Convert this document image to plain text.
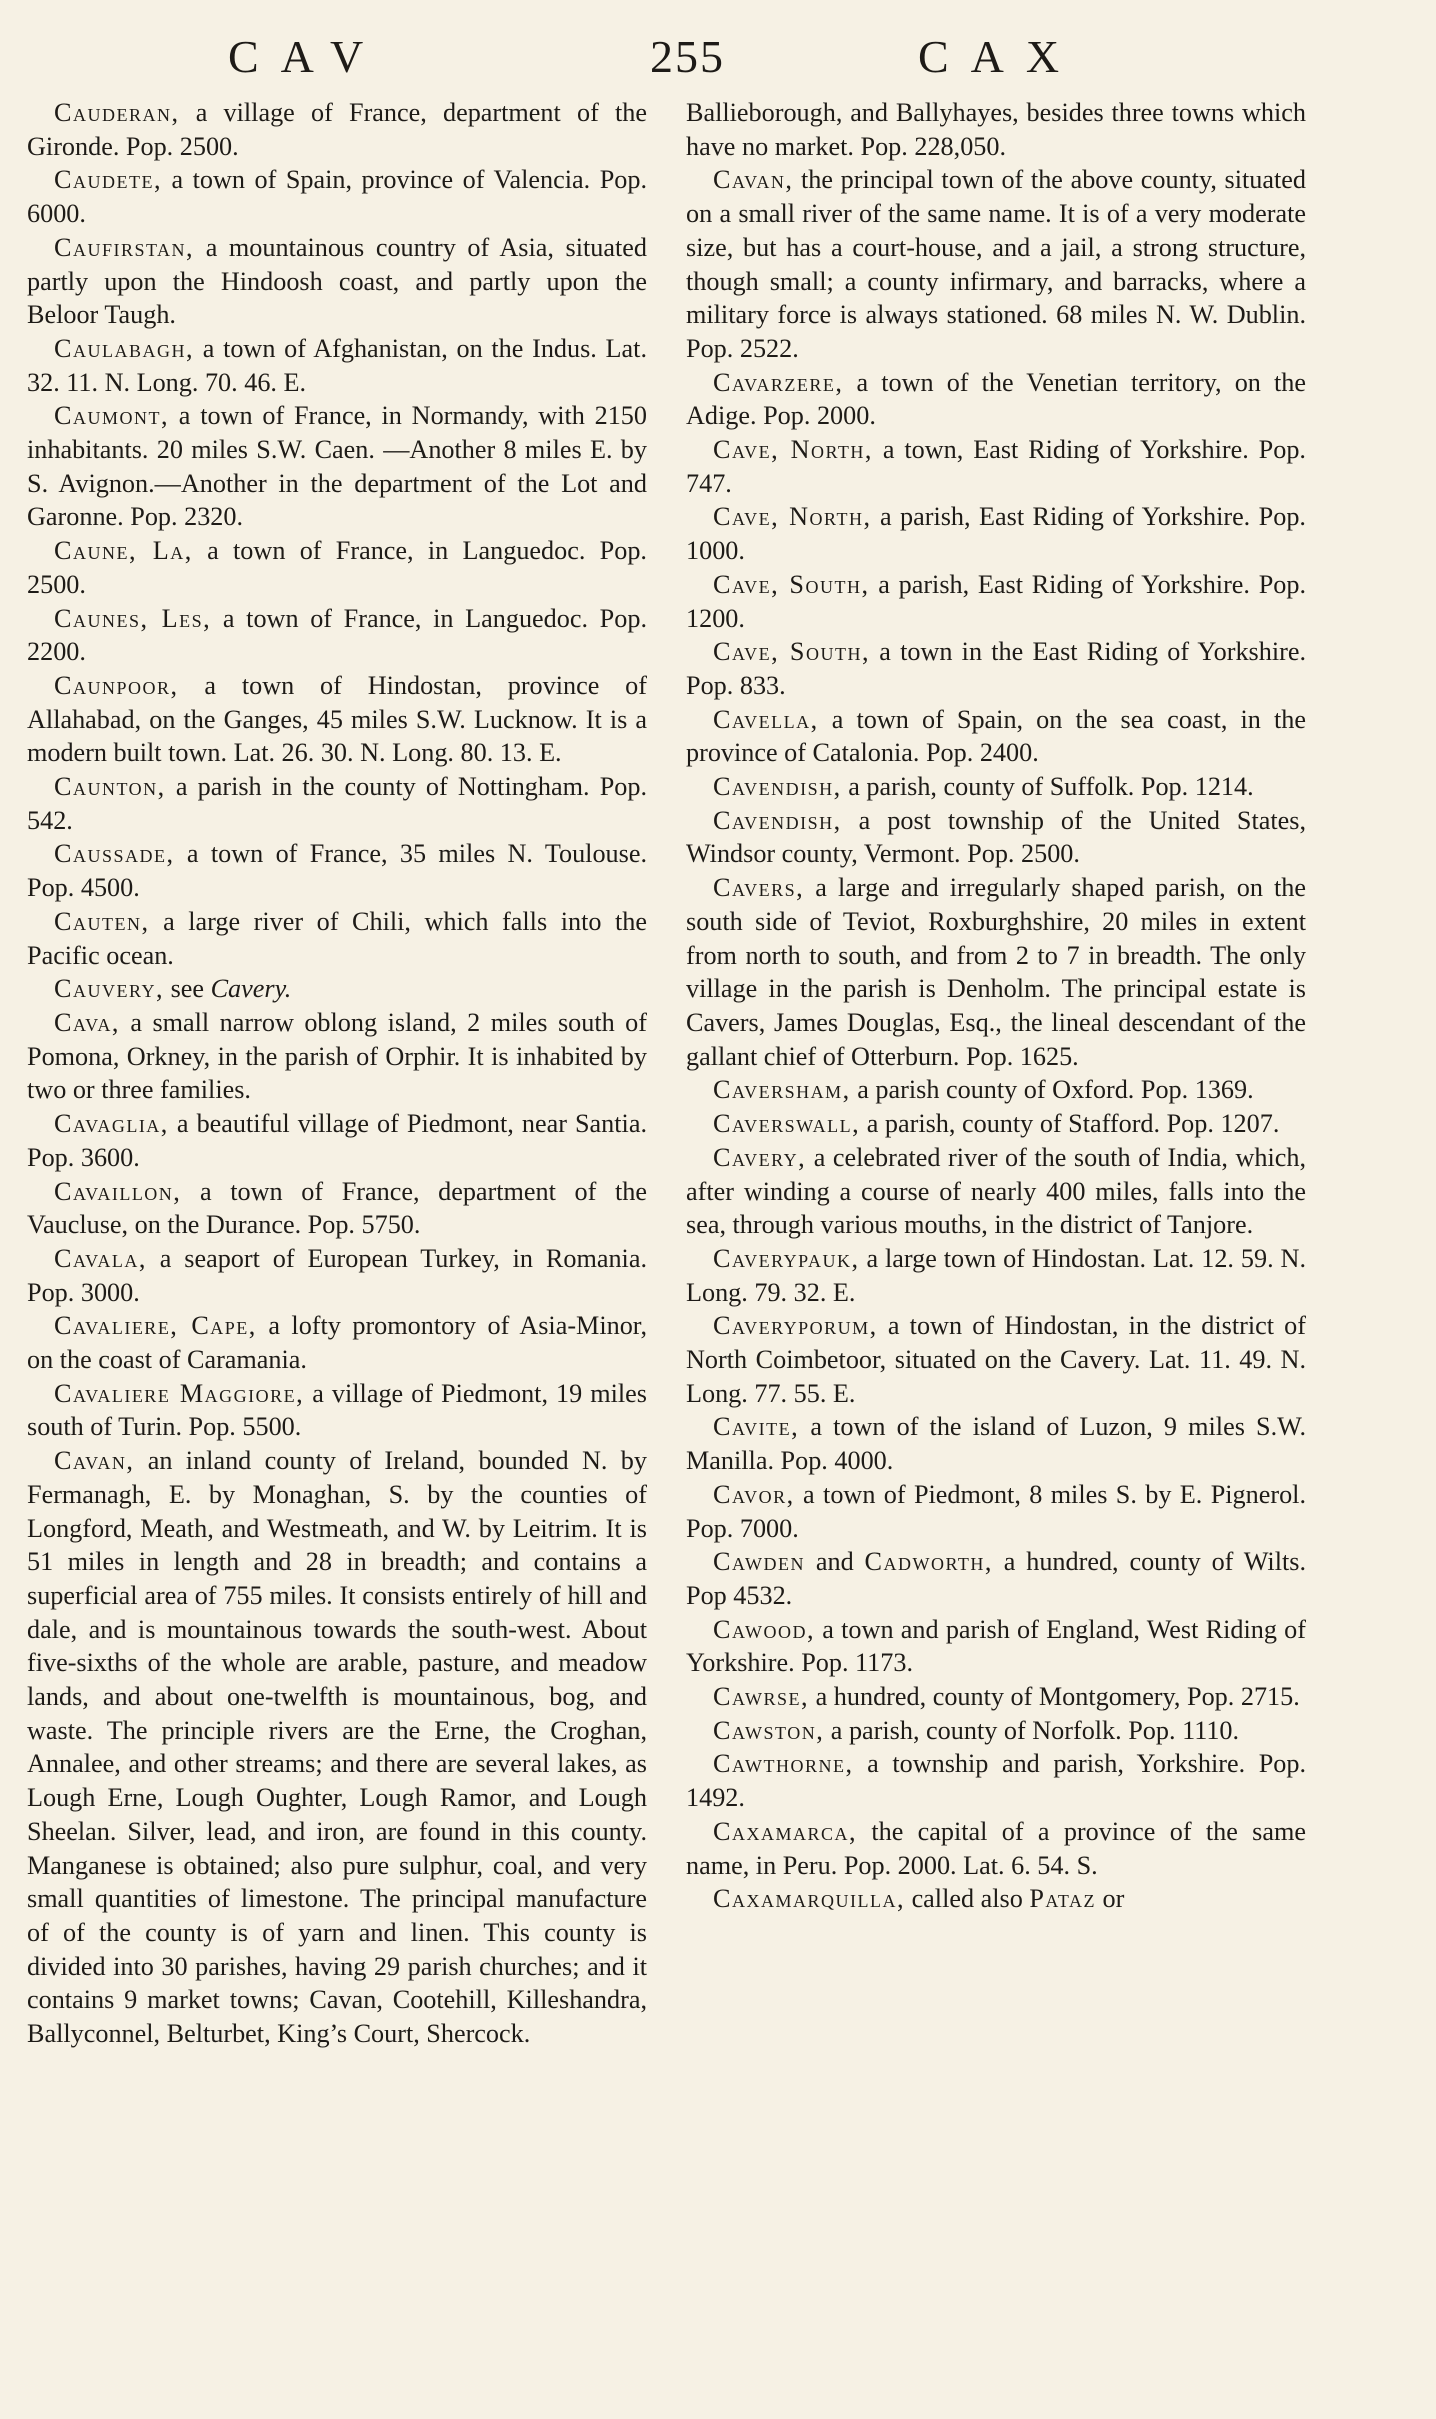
CAV	255	CAX

Cauderan, a village of France, department of the Gironde. Pop. 2500.

Caudete, a town of Spain, province of Valencia. Pop. 6000.

Caufirstan, a mountainous country of Asia, situated partly upon the Hindoosh coast, and partly upon the Beloor Taugh.

Caulabagh, a town of Afghanistan, on the Indus. Lat. 32. 11. N. Long. 70. 46. E.

Caumont, a town of France, in Normandy, with 2150 inhabitants. 20 miles S.W. Caen. —Another 8 miles E. by S. Avignon.—Another in the department of the Lot and Garonne. Pop. 2320.

Caune, La, a town of France, in Languedoc. Pop. 2500.

Caunes, Les, a town of France, in Languedoc. Pop. 2200.

Caunpoor, a town of Hindostan, province of Allahabad, on the Ganges, 45 miles S.W. Lucknow. It is a modern built town. Lat. 26. 30. N. Long. 80. 13. E.

Caunton, a parish in the county of Nottingham. Pop. 542.

Caussade, a town of France, 35 miles N. Toulouse. Pop. 4500.

Cauten, a large river of Chili, which falls into the Pacific ocean.

Cauvery, see Cavery.

Cava, a small narrow oblong island, 2 miles south of Pomona, Orkney, in the parish of Orphir. It is inhabited by two or three families.

Cavaglia, a beautiful village of Piedmont, near Santia. Pop. 3600.

Cavaillon, a town of France, department of the Vaucluse, on the Durance. Pop. 5750.

Cavala, a seaport of European Turkey, in Romania. Pop. 3000.

Cavaliere, Cape, a lofty promontory of Asia-Minor, on the coast of Caramania.

Cavaliere Maggiore, a village of Piedmont, 19 miles south of Turin. Pop. 5500.

Cavan, an inland county of Ireland, bounded N. by Fermanagh, E. by Monaghan, S. by the counties of Longford, Meath, and Westmeath, and W. by Leitrim. It is 51 miles in length and 28 in breadth; and contains a superficial area of 755 miles. It consists entirely of hill and dale, and is mountainous towards the south-west. About five-sixths of the whole are arable, pasture, and meadow lands, and about one-twelfth is mountainous, bog, and waste. The principle rivers are the Erne, the Croghan, Annalee, and other streams; and there are several lakes, as Lough Erne, Lough Oughter, Lough Ramor, and Lough Sheelan. Silver, lead, and iron, are found in this county. Manganese is obtained; also pure sulphur, coal, and very small quantities of limestone. The principal manufacture of of the county is of yarn and linen. This county is divided into 30 parishes, having 29 parish churches; and it contains 9 market towns; Cavan, Cootehill, Killeshandra, Ballyconnel, Belturbet, King’s Court, Shercock.

Ballieborough, and Ballyhayes, besides three towns which have no market. Pop. 228,050.

Cavan, the principal town of the above county, situated on a small river of the same name. It is of a very moderate size, but has a court-house, and a jail, a strong structure, though small; a county infirmary, and barracks, where a military force is always stationed. 68 miles N. W. Dublin. Pop. 2522.

Cavarzere, a town of the Venetian territory, on the Adige. Pop. 2000.

Cave, North, a town, East Riding of Yorkshire. Pop. 747.

Cave, North, a parish, East Riding of Yorkshire. Pop. 1000.

Cave, South, a parish, East Riding of Yorkshire. Pop. 1200.

Cave, South, a town in the East Riding of Yorkshire. Pop. 833.

Cavella, a town of Spain, on the sea coast, in the province of Catalonia. Pop. 2400.

Cavendish, a parish, county of Suffolk. Pop. 1214.

Cavendish, a post township of the United States, Windsor county, Vermont. Pop. 2500.

Cavers, a large and irregularly shaped parish, on the south side of Teviot, Roxburghshire, 20 miles in extent from north to south, and from 2 to 7 in breadth. The only village in the parish is Denholm. The principal estate is Cavers, James Douglas, Esq., the lineal descendant of the gallant chief of Otterburn. Pop. 1625.

Caversham, a parish county of Oxford. Pop. 1369.

Caverswall, a parish, county of Stafford. Pop. 1207.

Cavery, a celebrated river of the south of India, which, after winding a course of nearly 400 miles, falls into the sea, through various mouths, in the district of Tanjore.

Caverypauk, a large town of Hindostan. Lat. 12. 59. N. Long. 79. 32. E.

Caveryporum, a town of Hindostan, in the district of North Coimbetoor, situated on the Cavery. Lat. 11. 49. N. Long. 77. 55. E.

Cavite, a town of the island of Luzon, 9 miles S.W. Manilla. Pop. 4000.

Cavor, a town of Piedmont, 8 miles S. by E. Pignerol. Pop. 7000.

Cawden and Cadworth, a hundred, county of Wilts. Pop 4532.

Cawood, a town and parish of England, West Riding of Yorkshire. Pop. 1173.

Cawrse, a hundred, county of Montgomery, Pop. 2715.

Cawston, a parish, county of Norfolk. Pop. 1110.

Cawthorne, a township and parish, Yorkshire. Pop. 1492.

Caxamarca, the capital of a province of the same name, in Peru. Pop. 2000. Lat. 6. 54. S.

Caxamarquilla, called also Pataz or
